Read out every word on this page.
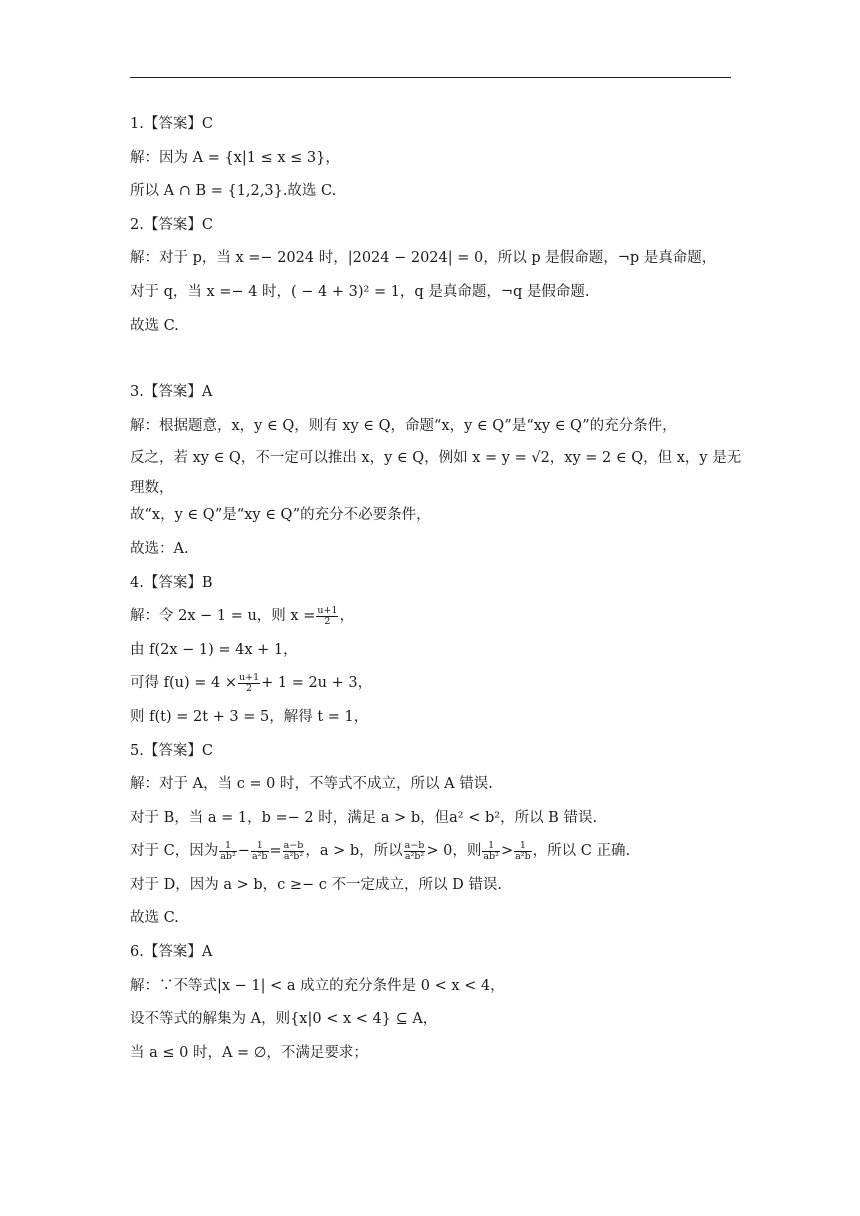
1.【答案】C
解：因为 A = {x|1 ≤ x ≤ 3}，
所以 A ∩ B = {1,2,3}.故选 C.
2.【答案】C
解：对于 p，当 x =− 2024 时，|2024 − 2024| = 0，所以 p 是假命题，¬p 是真命题，
对于 q，当 x =− 4 时，( − 4 + 3)² = 1，q 是真命题，¬q 是假命题.
故选 C.
3.【答案】A
解：根据题意，x，y ∈ Q，则有 xy ∈ Q，命题“x，y ∈ Q”是“xy ∈ Q”的充分条件，
反之，若 xy ∈ Q，不一定可以推出 x，y ∈ Q，例如 x = y = √2，xy = 2 ∈ Q，但 x，y 是无
理数，
故“x，y ∈ Q”是“xy ∈ Q”的充分不必要条件，
故选：A.
4.【答案】B
解：令 2x − 1 = u，则 $x = \frac{u+1}{2}$ ，
由 f(2x − 1) = 4x + 1，
可得 $f(u) = 4 \times \frac{u+1}{2} + 1 = 2u + 3$，
则 f(t) = 2t + 3 = 5，解得 t = 1，
5.【答案】C
解：对于 A，当 c = 0 时，不等式不成立，所以 A 错误.
对于 B，当 a = 1，b =− 2 时，满足 a > b，但a² < b²，所以 B 错误.
对于 C，因为 $\frac{1}{\text{ab²}} - \frac{1}{\text{a²b}} = \frac{a-b}{\text{a²b²}}$ ，a > b，所以 $\frac{a-b}{\text{a²b²}} > 0$，则 $\frac{1}{\text{ab²}} > \frac{1}{\text{a²b}}$ ，所以 C 正确.
对于 D，因为 a > b，c ≥− c 不一定成立，所以 D 错误.
故选 C.
6.【答案】A
解：∵不等式|x − 1| < a 成立的充分条件是 0 < x < 4，
设不等式的解集为 A，则{x|0 < x < 4} ⊆ A，
当 a ≤ 0 时，A = ∅，不满足要求；
